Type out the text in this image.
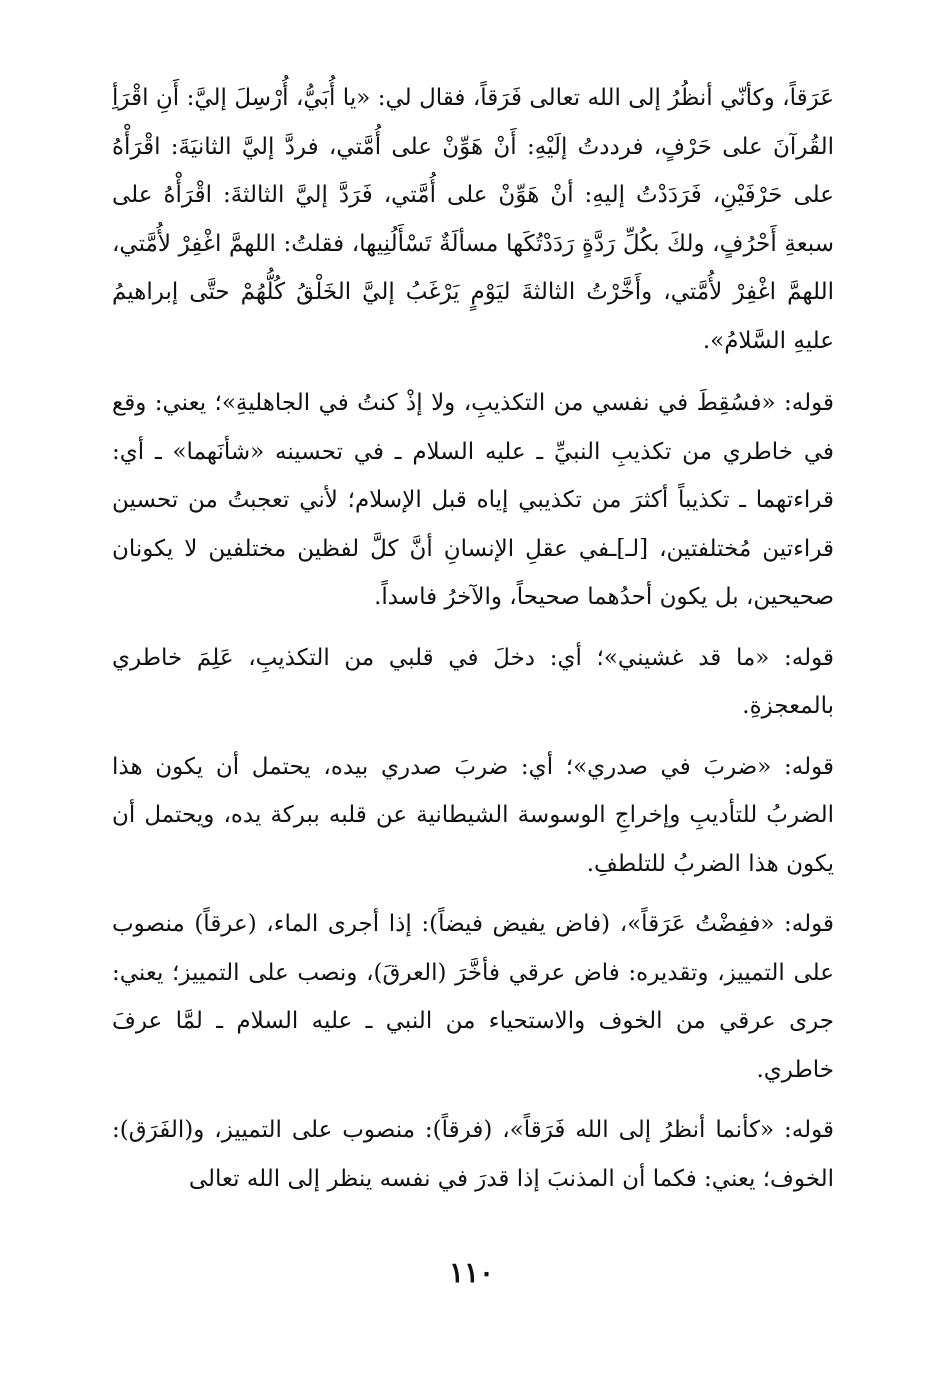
عَرَقاً، وكأنّي أنظُرُ إلى الله تعالى فَرَقاً، فقال لي: «يا أُبَيُّ، أُرْسِلَ إليَّ: أَنِ اقْرَأِ القُرآنَ على حَرْفٍ، فرددتُ إلَيْهِ: أَنْ هَوِّنْ على أُمَّتي، فردَّ إليَّ الثانيَةَ: اقْرَأْهُ على حَرْفَيْنِ، فَرَدَدْتُ إليهِ: أنْ هَوِّنْ على أُمَّتي، فَرَدَّ إليَّ الثالثةَ: اقْرَأْهُ على سبعةِ أَحْرُفٍ، ولكَ بكُلِّ رَدَّةٍ رَدَدْتُكَها مسألَةٌ تَسْأَلُنِيها، فقلتُ: اللهمَّ اغْفِرْ لأُمَّتي، اللهمَّ اغْفِرْ لأُمَّتي، وأَخَّرْتُ الثالثةَ ليَوْمٍ يَرْغَبُ إليَّ الخَلْقُ كُلُّهُمْ حتَّى إبراهيمُ عليهِ السَّلامُ».

قوله: «فسُقِطَ في نفسي من التكذيبِ، ولا إذْ كنتُ في الجاهليةِ»؛ يعني: وقع في خاطري من تكذيبِ النبيِّ ـ عليه السلام ـ في تحسينه «شأنَهما» ـ أي: قراءتهما ـ تكذيباً أكثرَ من تكذيبي إياه قبل الإسلام؛ لأني تعجبتُ من تحسين قراءتين مُختلفتين، [لـ]ـفي عقلِ الإنسانِ أنَّ كلَّ لفظين مختلفين لا يكونان صحيحين، بل يكون أحدُهما صحيحاً، والآخرُ فاسداً.

قوله: «ما قد غشيني»؛ أي: دخلَ في قلبي من التكذيبِ، عَلِمَ خاطري بالمعجزةِ.

قوله: «ضربَ في صدري»؛ أي: ضربَ صدري بيده، يحتمل أن يكون هذا الضربُ للتأديبِ وإخراجِ الوسوسة الشيطانية عن قلبه ببركة يده، ويحتمل أن يكون هذا الضربُ للتلطفِ.

قوله: «ففِضْتُ عَرَقاً»، (فاض يفيض فيضاً): إذا أجرى الماء، (عرقاً) منصوب على التمييز، وتقديره: فاض عرقي فأخَّرَ (العرقَ)، ونصب على التمييز؛ يعني: جرى عرقي من الخوف والاستحياء من النبي ـ عليه السلام ـ لمَّا عرفَ خاطري.

قوله: «كأنما أنظرُ إلى الله فَرَقاً»، (فرقاً): منصوب على التمييز، و(الفَرَق): الخوف؛ يعني: فكما أن المذنبَ إذا قدرَ في نفسه ينظر إلى الله تعالى

١١٠
